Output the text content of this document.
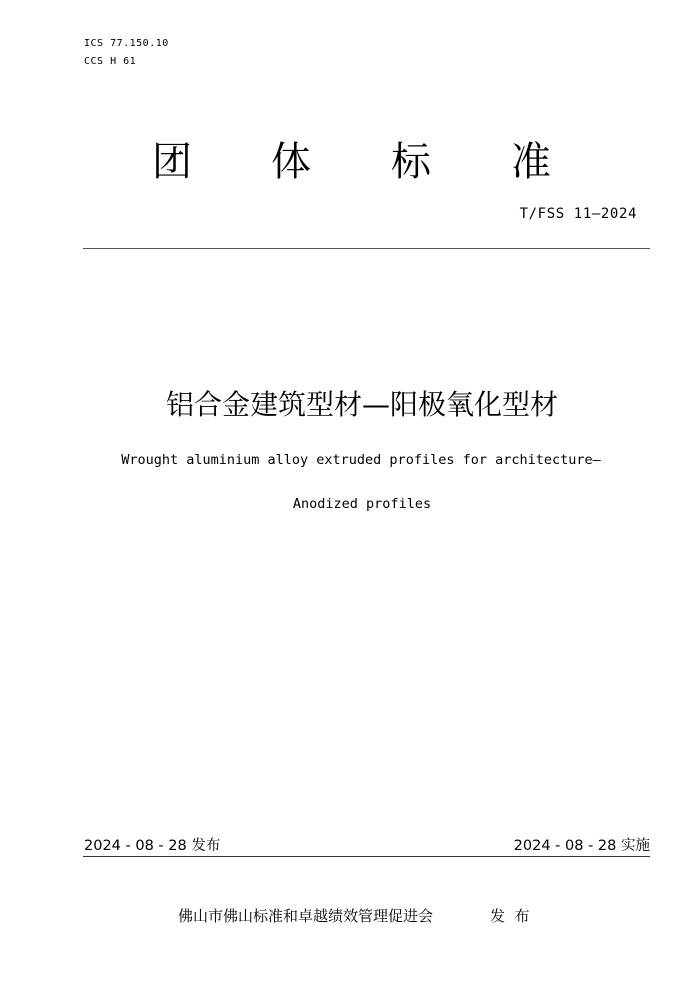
ICS 77.150.10
CCS H 61
团 体 标 准
T/FSS 11—2024
铝合金建筑型材—阳极氧化型材
Wrought aluminium alloy extruded profiles for architecture—
Anodized profiles
2024 - 08 - 28 发布	2024 - 08 - 28 实施
佛山市佛山标准和卓越绩效管理促进会	发  布
